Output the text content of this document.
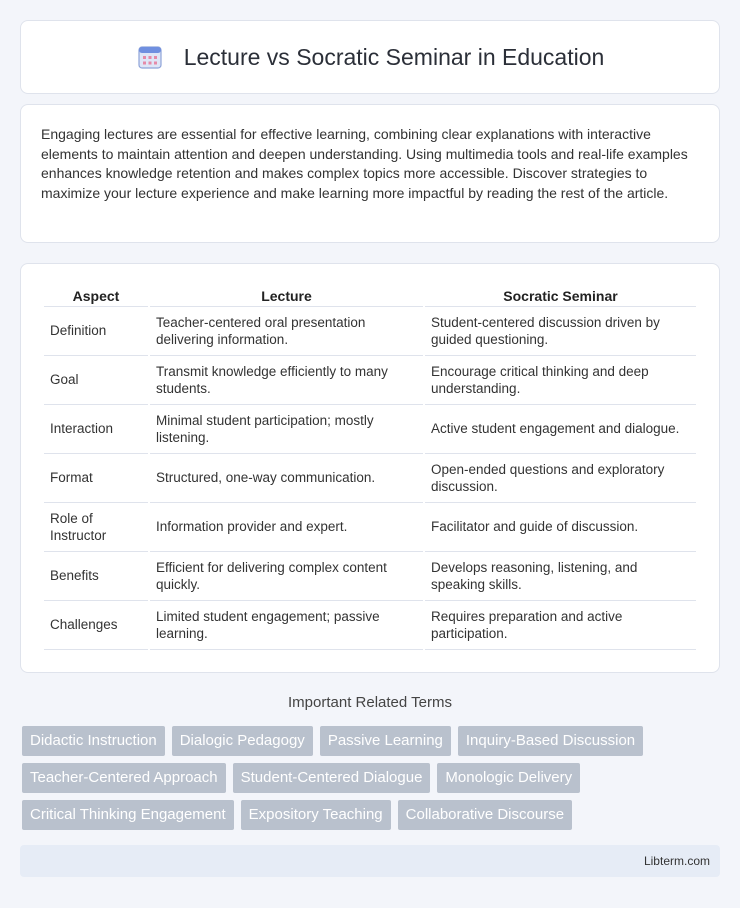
Lecture vs Socratic Seminar in Education

Engaging lectures are essential for effective learning, combining clear explanations with interactive elements to maintain attention and deepen understanding. Using multimedia tools and real-life examples enhances knowledge retention and makes complex topics more accessible. Discover strategies to maximize your lecture experience and make learning more impactful by reading the rest of the article.

Aspect	Lecture	Socratic Seminar
Definition	Teacher-centered oral presentation delivering information.	Student-centered discussion driven by guided questioning.
Goal	Transmit knowledge efficiently to many students.	Encourage critical thinking and deep understanding.
Interaction	Minimal student participation; mostly listening.	Active student engagement and dialogue.
Format	Structured, one-way communication.	Open-ended questions and exploratory discussion.
Role of Instructor	Information provider and expert.	Facilitator and guide of discussion.
Benefits	Efficient for delivering complex content quickly.	Develops reasoning, listening, and speaking skills.
Challenges	Limited student engagement; passive learning.	Requires preparation and active participation.
Important Related Terms
Didactic Instruction	Dialogic Pedagogy	Passive Learning	Inquiry-Based Discussion
Teacher-Centered Approach	Student-Centered Dialogue	Monologic Delivery
Critical Thinking Engagement	Expository Teaching	Collaborative Discourse
Libterm.com
